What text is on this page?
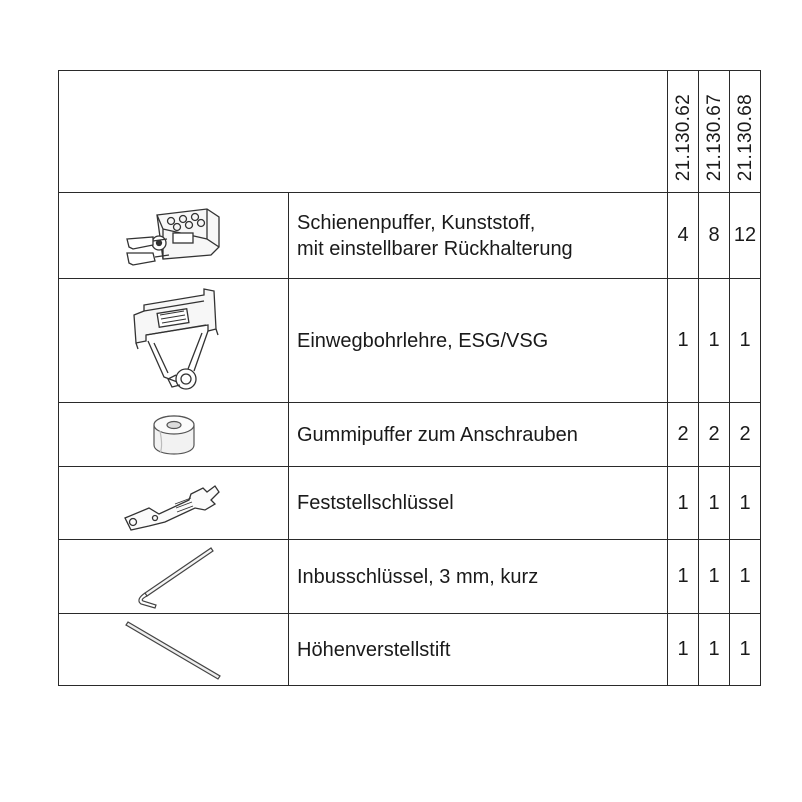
		21.130.62	21.130.67	21.130.68

Schienenpuffer, Kunststoff,
mit einstellbarer Rückhalterung	4	8	12

Einwegbohrlehre, ESG/VSG	1	1	1

Gummipuffer zum Anschrauben	2	2	2

Feststellschlüssel	1	1	1

Inbusschlüssel, 3 mm, kurz	1	1	1

Höhenverstellstift	1	1	1
